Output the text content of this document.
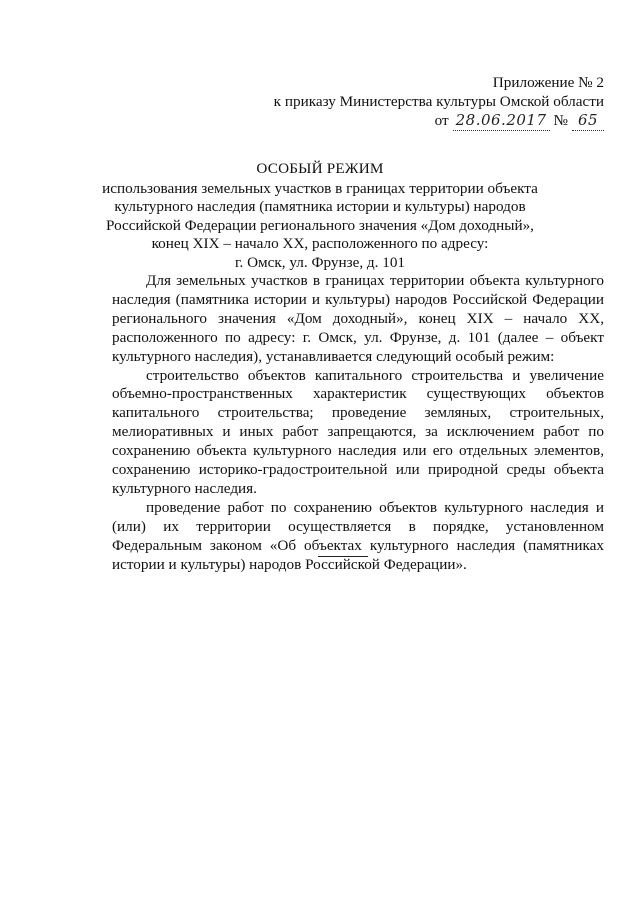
Приложение № 2
к приказу Министерства культуры Омской области
от 28.06.2017 № 65
ОСОБЫЙ РЕЖИМ
использования земельных участков в границах территории объекта
культурного наследия (памятника истории и культуры) народов
Российской Федерации регионального значения «Дом доходный»,
конец XIX – начало XX, расположенного по адресу:
г. Омск, ул. Фрунзе, д. 101

Для земельных участков в границах территории объекта культурного наследия (памятника истории и культуры) народов Российской Федерации регионального значения «Дом доходный», конец XIX – начало XX, расположенного по адресу: г. Омск, ул. Фрунзе, д. 101 (далее – объект культурного наследия), устанавливается следующий особый режим:

строительство объектов капитального строительства и увеличение объемно-пространственных характеристик существующих объектов капитального строительства; проведение земляных, строительных, мелиоративных и иных работ запрещаются, за исключением работ по сохранению объекта культурного наследия или его отдельных элементов, сохранению историко-градостроительной или природной среды объекта культурного наследия.

проведение работ по сохранению объектов культурного наследия и (или) их территории осуществляется в порядке, установленном Федеральным законом «Об объектах культурного наследия (памятниках истории и культуры) народов Российской Федерации».
